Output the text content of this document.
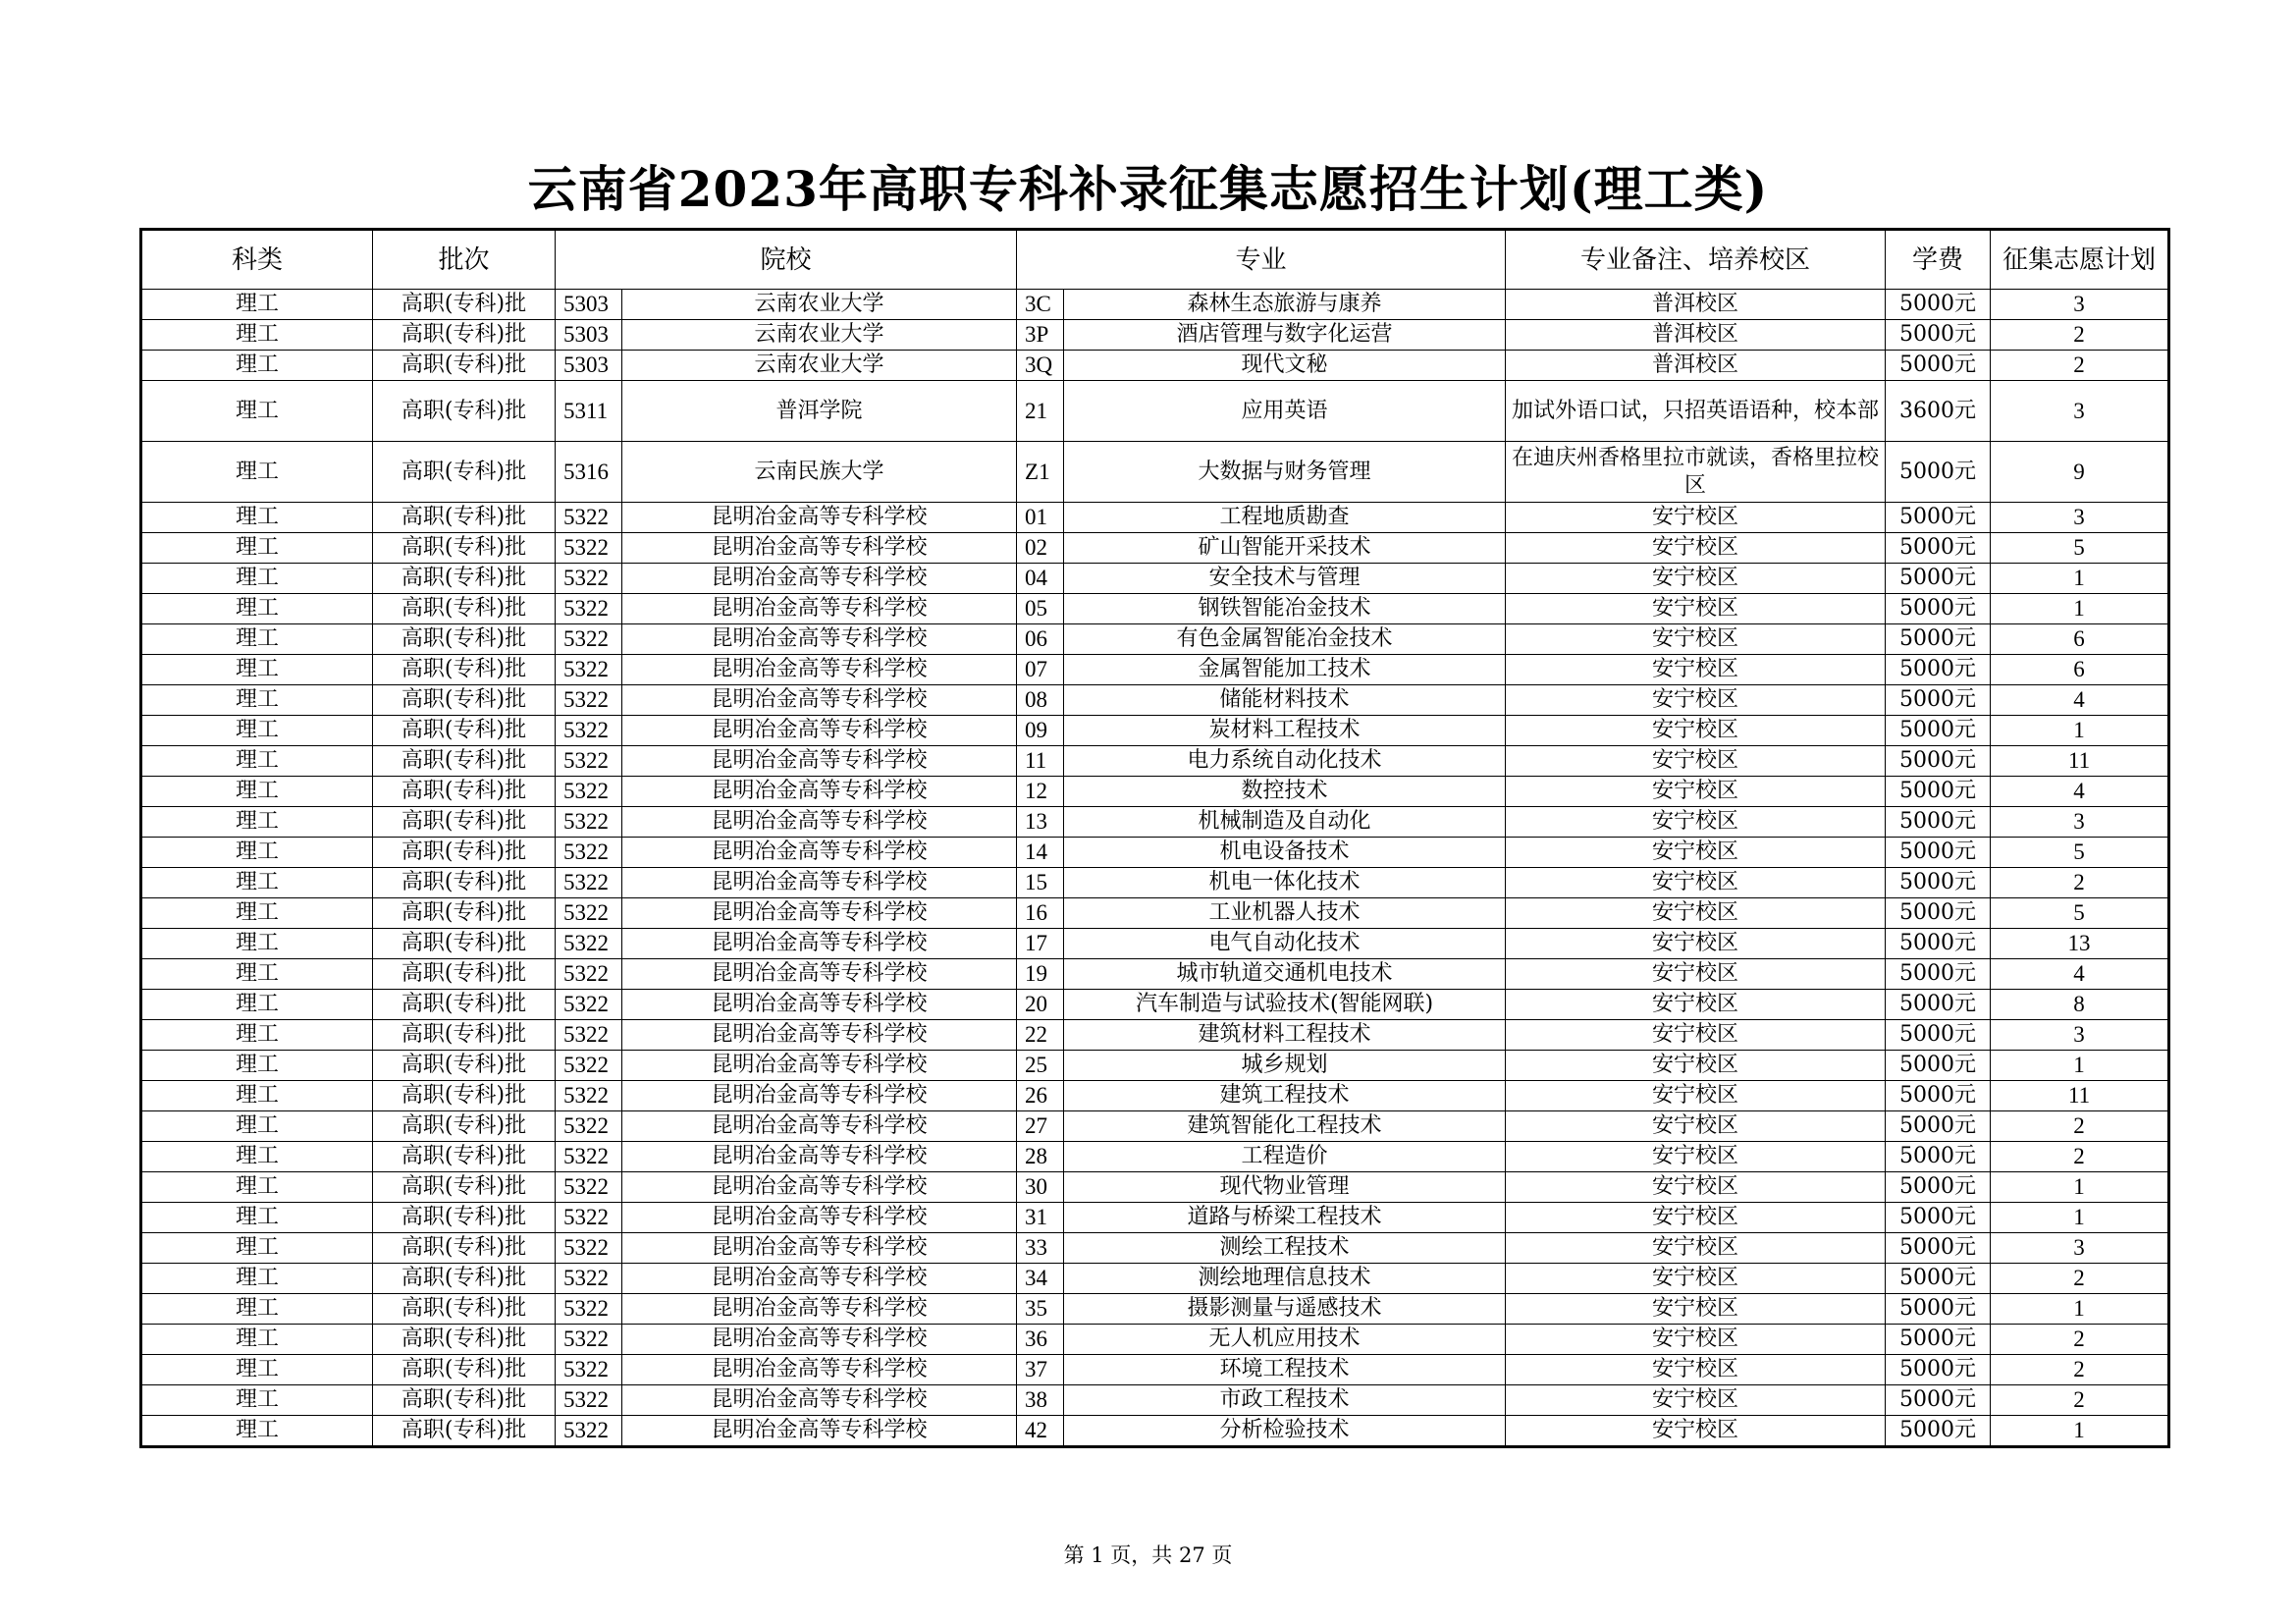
云南省2023年高职专科补录征集志愿招生计划(理工类)
科类	批次	院校		专业		专业备注、培养校区	学费	征集志愿计划
理工	高职(专科)批	5303	云南农业大学	3C	森林生态旅游与康养	普洱校区	5000元	3
理工	高职(专科)批	5303	云南农业大学	3P	酒店管理与数字化运营	普洱校区	5000元	2
理工	高职(专科)批	5303	云南农业大学	3Q	现代文秘	普洱校区	5000元	2
理工	高职(专科)批	5311	普洱学院	21	应用英语	加试外语口试，只招英语语种，校本部	3600元	3
理工	高职(专科)批	5316	云南民族大学	Z1	大数据与财务管理	在迪庆州香格里拉市就读，香格里拉校区	5000元	9
理工	高职(专科)批	5322	昆明冶金高等专科学校	01	工程地质勘查	安宁校区	5000元	3
理工	高职(专科)批	5322	昆明冶金高等专科学校	02	矿山智能开采技术	安宁校区	5000元	5
理工	高职(专科)批	5322	昆明冶金高等专科学校	04	安全技术与管理	安宁校区	5000元	1
理工	高职(专科)批	5322	昆明冶金高等专科学校	05	钢铁智能冶金技术	安宁校区	5000元	1
理工	高职(专科)批	5322	昆明冶金高等专科学校	06	有色金属智能冶金技术	安宁校区	5000元	6
理工	高职(专科)批	5322	昆明冶金高等专科学校	07	金属智能加工技术	安宁校区	5000元	6
理工	高职(专科)批	5322	昆明冶金高等专科学校	08	储能材料技术	安宁校区	5000元	4
理工	高职(专科)批	5322	昆明冶金高等专科学校	09	炭材料工程技术	安宁校区	5000元	1
理工	高职(专科)批	5322	昆明冶金高等专科学校	11	电力系统自动化技术	安宁校区	5000元	11
理工	高职(专科)批	5322	昆明冶金高等专科学校	12	数控技术	安宁校区	5000元	4
理工	高职(专科)批	5322	昆明冶金高等专科学校	13	机械制造及自动化	安宁校区	5000元	3
理工	高职(专科)批	5322	昆明冶金高等专科学校	14	机电设备技术	安宁校区	5000元	5
理工	高职(专科)批	5322	昆明冶金高等专科学校	15	机电一体化技术	安宁校区	5000元	2
理工	高职(专科)批	5322	昆明冶金高等专科学校	16	工业机器人技术	安宁校区	5000元	5
理工	高职(专科)批	5322	昆明冶金高等专科学校	17	电气自动化技术	安宁校区	5000元	13
理工	高职(专科)批	5322	昆明冶金高等专科学校	19	城市轨道交通机电技术	安宁校区	5000元	4
理工	高职(专科)批	5322	昆明冶金高等专科学校	20	汽车制造与试验技术(智能网联)	安宁校区	5000元	8
理工	高职(专科)批	5322	昆明冶金高等专科学校	22	建筑材料工程技术	安宁校区	5000元	3
理工	高职(专科)批	5322	昆明冶金高等专科学校	25	城乡规划	安宁校区	5000元	1
理工	高职(专科)批	5322	昆明冶金高等专科学校	26	建筑工程技术	安宁校区	5000元	11
理工	高职(专科)批	5322	昆明冶金高等专科学校	27	建筑智能化工程技术	安宁校区	5000元	2
理工	高职(专科)批	5322	昆明冶金高等专科学校	28	工程造价	安宁校区	5000元	2
理工	高职(专科)批	5322	昆明冶金高等专科学校	30	现代物业管理	安宁校区	5000元	1
理工	高职(专科)批	5322	昆明冶金高等专科学校	31	道路与桥梁工程技术	安宁校区	5000元	1
理工	高职(专科)批	5322	昆明冶金高等专科学校	33	测绘工程技术	安宁校区	5000元	3
理工	高职(专科)批	5322	昆明冶金高等专科学校	34	测绘地理信息技术	安宁校区	5000元	2
理工	高职(专科)批	5322	昆明冶金高等专科学校	35	摄影测量与遥感技术	安宁校区	5000元	1
理工	高职(专科)批	5322	昆明冶金高等专科学校	36	无人机应用技术	安宁校区	5000元	2
理工	高职(专科)批	5322	昆明冶金高等专科学校	37	环境工程技术	安宁校区	5000元	2
理工	高职(专科)批	5322	昆明冶金高等专科学校	38	市政工程技术	安宁校区	5000元	2
理工	高职(专科)批	5322	昆明冶金高等专科学校	42	分析检验技术	安宁校区	5000元	1
第 1 页，共 27 页
